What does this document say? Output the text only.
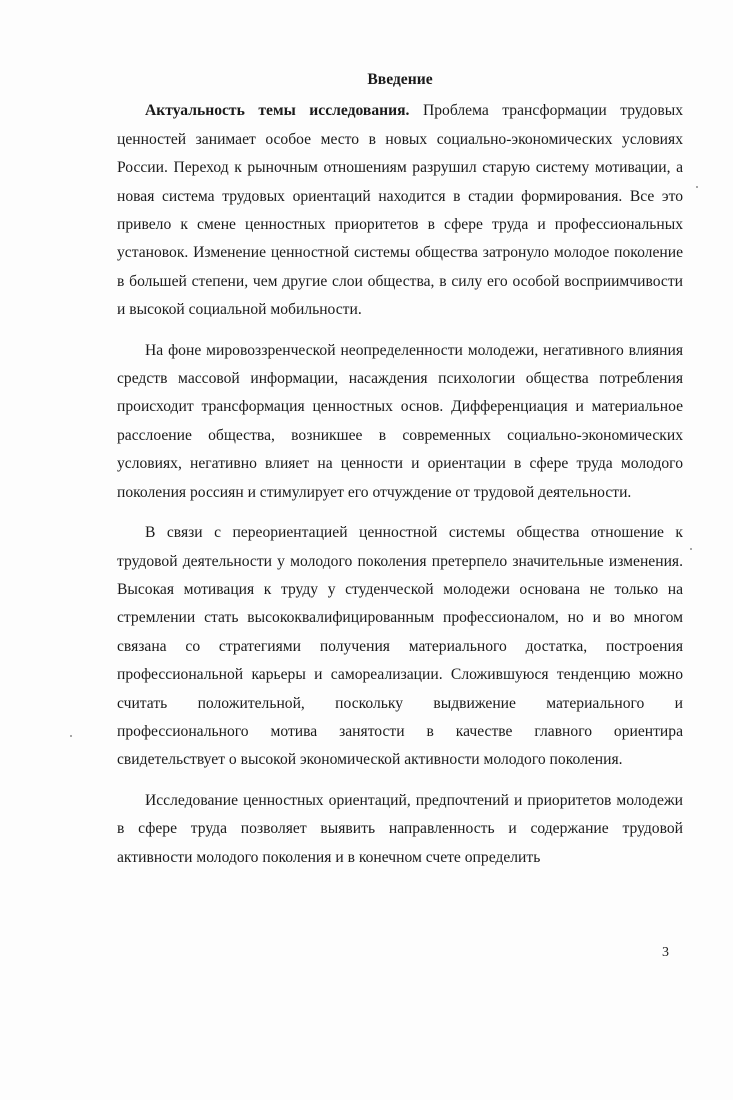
Введение

Актуальность темы исследования. Проблема трансформации трудовых ценностей занимает особое место в новых социально-экономических условиях России. Переход к рыночным отношениям разрушил старую систему мотивации, а новая система трудовых ориентаций находится в стадии формирования. Все это привело к смене ценностных приоритетов в сфере труда и профессиональных установок. Изменение ценностной системы общества затронуло молодое поколение в большей степени, чем другие слои общества, в силу его особой восприимчивости и высокой социальной мобильности.

На фоне мировоззренческой неопределенности молодежи, негативного влияния средств массовой информации, насаждения психологии общества потребления происходит трансформация ценностных основ. Дифференциация и материальное расслоение общества, возникшее в современных социально-экономических условиях, негативно влияет на ценности и ориентации в сфере труда молодого поколения россиян и стимулирует его отчуждение от трудовой деятельности.

В связи с переориентацией ценностной системы общества отношение к трудовой деятельности у молодого поколения претерпело значительные изменения. Высокая мотивация к труду у студенческой молодежи основана не только на стремлении стать высококвалифицированным профессионалом, но и во многом связана со стратегиями получения материального достатка, построения профессиональной карьеры и самореализации. Сложившуюся тенденцию можно считать положительной, поскольку выдвижение материального и профессионального мотива занятости в качестве главного ориентира свидетельствует о высокой экономической активности молодого поколения.

Исследование ценностных ориентаций, предпочтений и приоритетов молодежи в сфере труда позволяет выявить направленность и содержание трудовой активности молодого поколения и в конечном счете определить

3
